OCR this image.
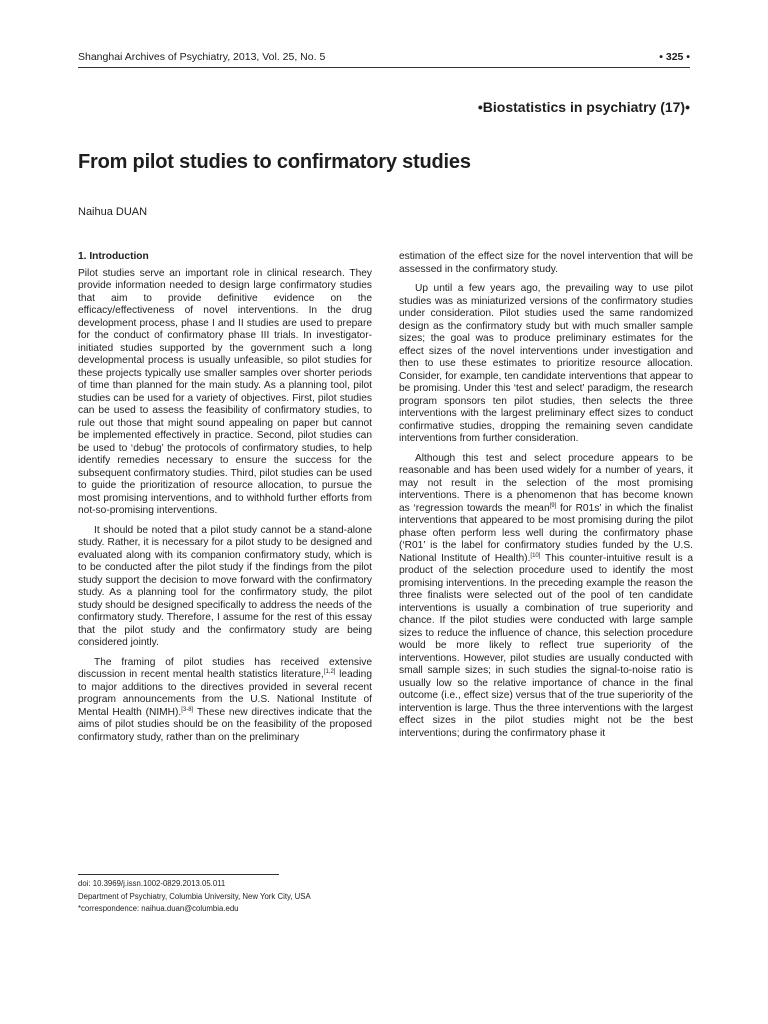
Shanghai Archives of Psychiatry, 2013, Vol. 25, No. 5	• 325 •
•Biostatistics in psychiatry (17)•
From pilot studies to confirmatory studies
Naihua DUAN
1. Introduction

Pilot studies serve an important role in clinical research. They provide information needed to design large confirmatory studies that aim to provide definitive evidence on the efficacy/effectiveness of novel interventions. In the drug development process, phase I and II studies are used to prepare for the conduct of confirmatory phase III trials. In investigator-initiated studies supported by the government such a long developmental process is usually unfeasible, so pilot studies for these projects typically use smaller samples over shorter periods of time than planned for the main study. As a planning tool, pilot studies can be used for a variety of objectives. First, pilot studies can be used to assess the feasibility of confirmatory studies, to rule out those that might sound appealing on paper but cannot be implemented effectively in practice. Second, pilot studies can be used to ‘debug’ the protocols of confirmatory studies, to help identify remedies necessary to ensure the success for the subsequent confirmatory studies. Third, pilot studies can be used to guide the prioritization of resource allocation, to pursue the most promising interventions, and to withhold further efforts from not-so-promising interventions.

It should be noted that a pilot study cannot be a stand-alone study. Rather, it is necessary for a pilot study to be designed and evaluated along with its companion confirmatory study, which is to be conducted after the pilot study if the findings from the pilot study support the decision to move forward with the confirmatory study. As a planning tool for the confirmatory study, the pilot study should be designed specifically to address the needs of the confirmatory study. Therefore, I assume for the rest of this essay that the pilot study and the confirmatory study are being considered jointly.

The framing of pilot studies has received extensive discussion in recent mental health statistics literature,[1,2] leading to major additions to the directives provided in several recent program announcements from the U.S. National Institute of Mental Health (NIMH).[3-8] These new directives indicate that the aims of pilot studies should be on the feasibility of the proposed confirmatory study, rather than on the preliminary

estimation of the effect size for the novel intervention that will be assessed in the confirmatory study.

Up until a few years ago, the prevailing way to use pilot studies was as miniaturized versions of the confirmatory studies under consideration. Pilot studies used the same randomized design as the confirmatory study but with much smaller sample sizes; the goal was to produce preliminary estimates for the effect sizes of the novel interventions under investigation and then to use these estimates to prioritize resource allocation. Consider, for example, ten candidate interventions that appear to be promising. Under this ‘test and select’ paradigm, the research program sponsors ten pilot studies, then selects the three interventions with the largest preliminary effect sizes to conduct confirmative studies, dropping the remaining seven candidate interventions from further consideration.

Although this test and select procedure appears to be reasonable and has been used widely for a number of years, it may not result in the selection of the most promising interventions. There is a phenomenon that has become known as ‘regression towards the mean[9] for R01s’ in which the finalist interventions that appeared to be most promising during the pilot phase often perform less well during the confirmatory phase (‘R01’ is the label for confirmatory studies funded by the U.S. National Institute of Health).[10] This counter-intuitive result is a product of the selection procedure used to identify the most promising interventions. In the preceding example the reason the three finalists were selected out of the pool of ten candidate interventions is usually a combination of true superiority and chance. If the pilot studies were conducted with large sample sizes to reduce the influence of chance, this selection procedure would be more likely to reflect true superiority of the interventions. However, pilot studies are usually conducted with small sample sizes; in such studies the signal-to-noise ratio is usually low so the relative importance of chance in the final outcome (i.e., effect size) versus that of the true superiority of the intervention is large. Thus the three interventions with the largest effect sizes in the pilot studies might not be the best interventions; during the confirmatory phase it

doi: 10.3969/j.issn.1002-0829.2013.05.011
Department of Psychiatry, Columbia University, New York City, USA
*correspondence: naihua.duan@columbia.edu
